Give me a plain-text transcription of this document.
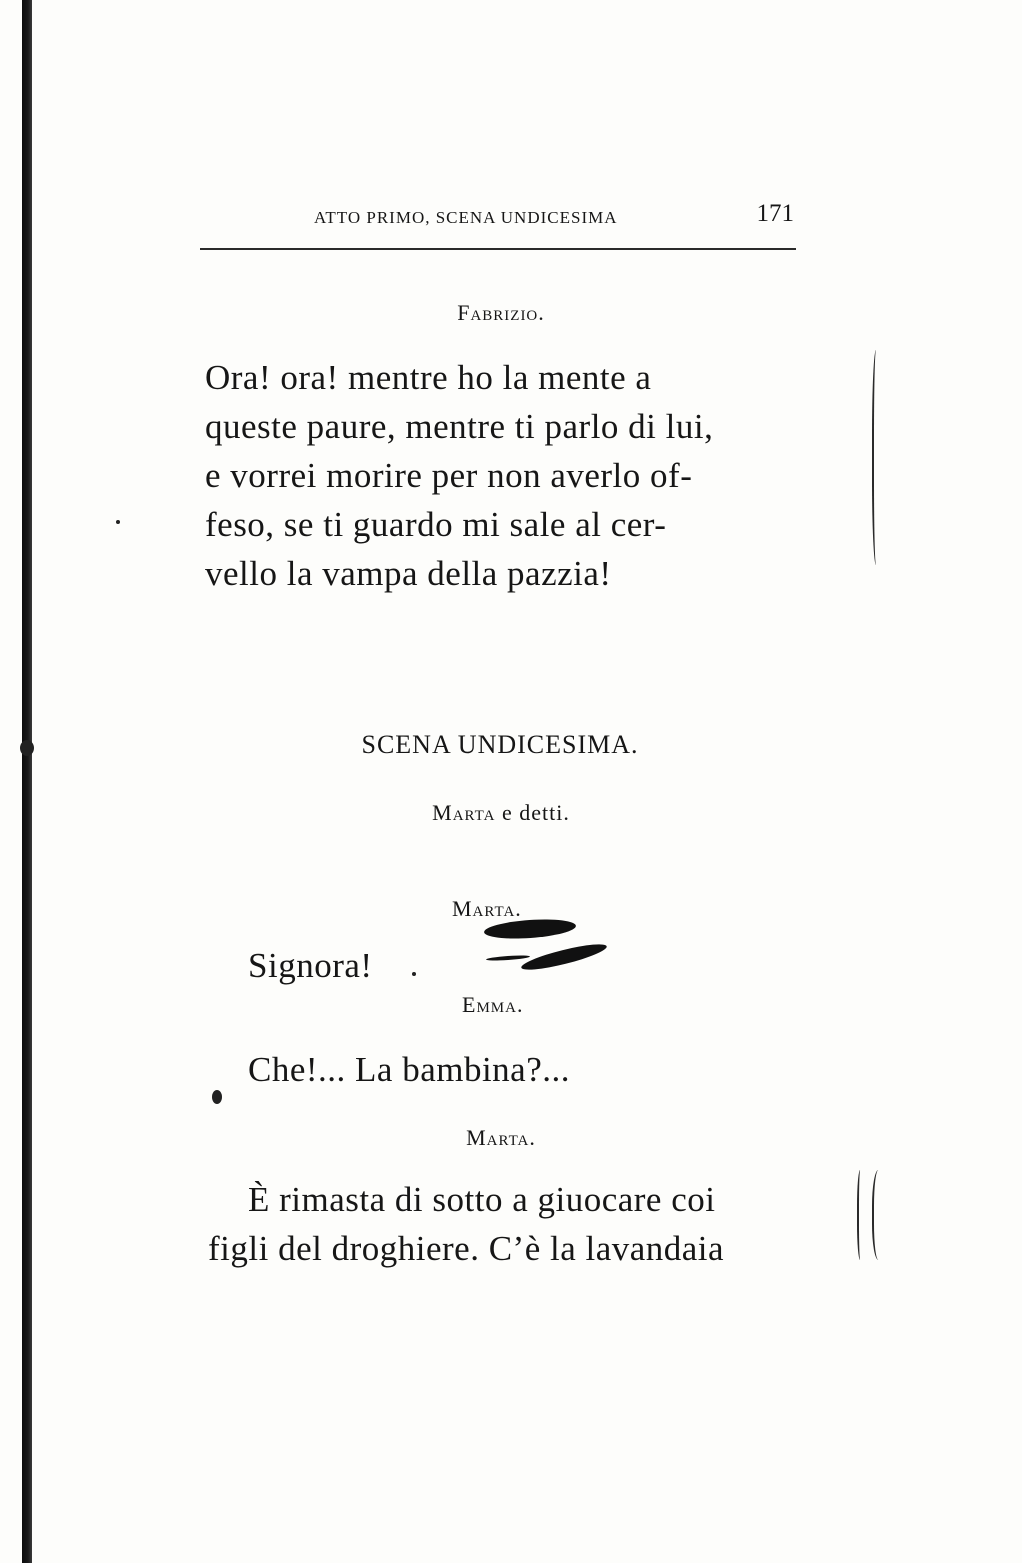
ATTO PRIMO, SCENA UNDICESIMA	171
Fabrizio.
Ora! ora! mentre ho la mente a
queste paure, mentre ti parlo di lui,
e vorrei morire per non averlo of-
feso, se ti guardo mi sale al cer-
vello la vampa della pazzia!
SCENA UNDICESIMA.
Marta e detti.
Marta.
Signora!
Emma.
Che!... La bambina?...
Marta.
È rimasta di sotto a giuocare coi
figli del droghiere. C’è la lavandaia
